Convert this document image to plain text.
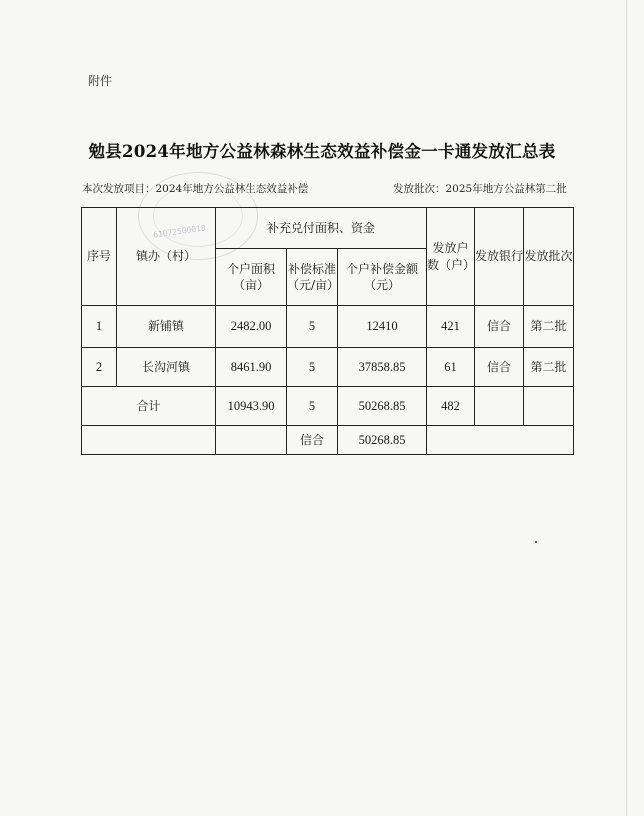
附件
勉县2024年地方公益林森林生态效益补偿金一卡通发放汇总表
61072500018
本次发放项目：2024年地方公益林生态效益补偿	发放批次：2025年地方公益林第二批
序号	镇办（村）	补充兑付面积、资金			发放户数（户）	发放银行	发放批次
		个户面积（亩）	补偿标准（元/亩）	个户补偿金额（元）			
1	新铺镇	2482.00	5	12410	421	信合	第二批
2	长沟河镇	8461.90	5	37858.85	61	信合	第二批
合计		10943.90	5	50268.85	482		
			信合	50268.85			
